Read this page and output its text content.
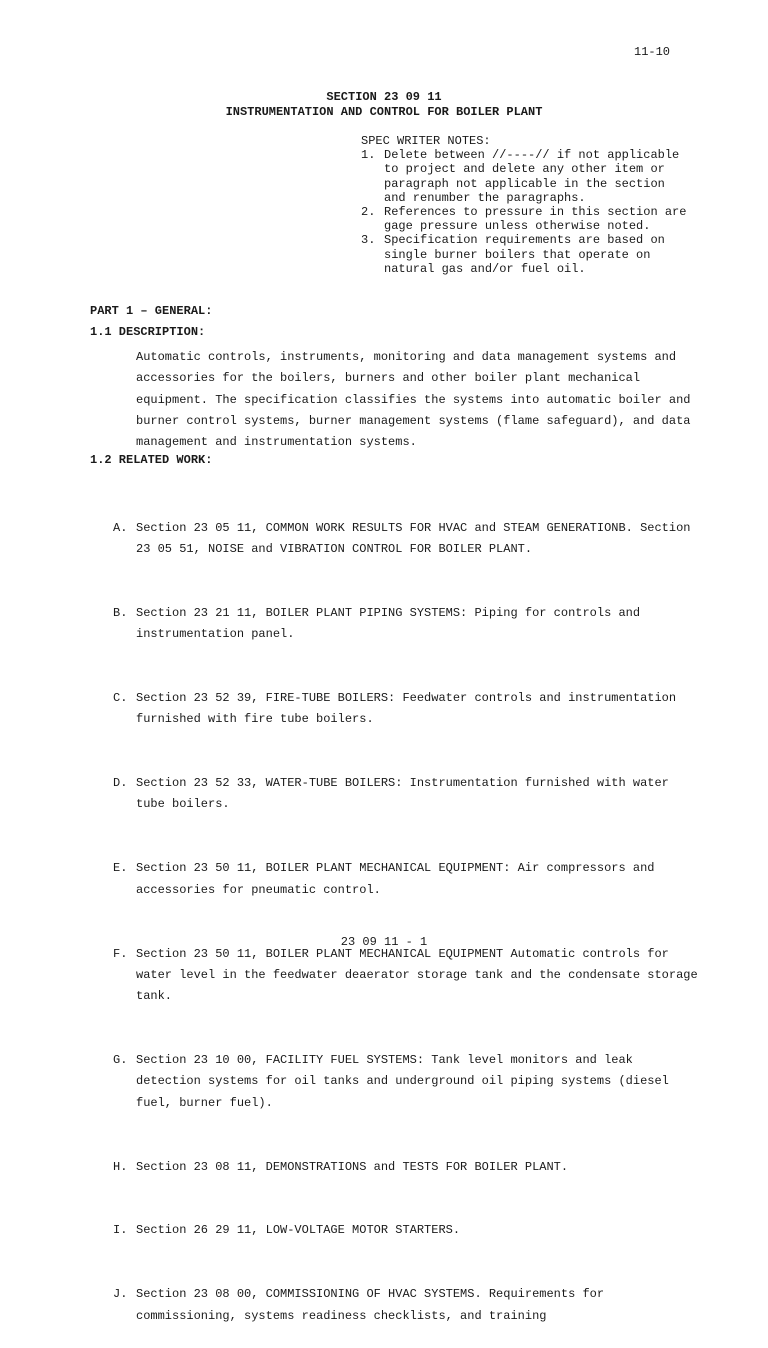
11-10
SECTION 23 09 11
INSTRUMENTATION AND CONTROL FOR BOILER PLANT
SPEC WRITER NOTES:
1. Delete between //----// if not applicable to project and delete any other item or paragraph not applicable in the section and renumber the paragraphs.
2. References to pressure in this section are gage pressure unless otherwise noted.
3. Specification requirements are based on single burner boilers that operate on natural gas and/or fuel oil.
PART 1 – GENERAL:
1.1 DESCRIPTION:
Automatic controls, instruments, monitoring and data management systems and accessories for the boilers, burners and other boiler plant mechanical equipment. The specification classifies the systems into automatic boiler and burner control systems, burner management systems (flame safeguard), and data management and instrumentation systems.
1.2 RELATED WORK:

A. Section 23 05 11, COMMON WORK RESULTS FOR HVAC and STEAM GENERATIONB. Section 23 05 51, NOISE and VIBRATION CONTROL FOR BOILER PLANT.

B. Section 23 21 11, BOILER PLANT PIPING SYSTEMS: Piping for controls and instrumentation panel.

C. Section 23 52 39, FIRE-TUBE BOILERS: Feedwater controls and instrumentation furnished with fire tube boilers.

D. Section 23 52 33, WATER-TUBE BOILERS: Instrumentation furnished with water tube boilers.

E. Section 23 50 11, BOILER PLANT MECHANICAL EQUIPMENT: Air compressors and accessories for pneumatic control.

F. Section 23 50 11, BOILER PLANT MECHANICAL EQUIPMENT Automatic controls for water level in the feedwater deaerator storage tank and the condensate storage tank.

G. Section 23 10 00, FACILITY FUEL SYSTEMS: Tank level monitors and leak detection systems for oil tanks and underground oil piping systems (diesel fuel, burner fuel).

H. Section 23 08 11, DEMONSTRATIONS and TESTS FOR BOILER PLANT.

I. Section 26 29 11, LOW-VOLTAGE MOTOR STARTERS.

J. Section 23 08 00, COMMISSIONING OF HVAC SYSTEMS. Requirements for commissioning, systems readiness checklists, and training

23 09 11 - 1
